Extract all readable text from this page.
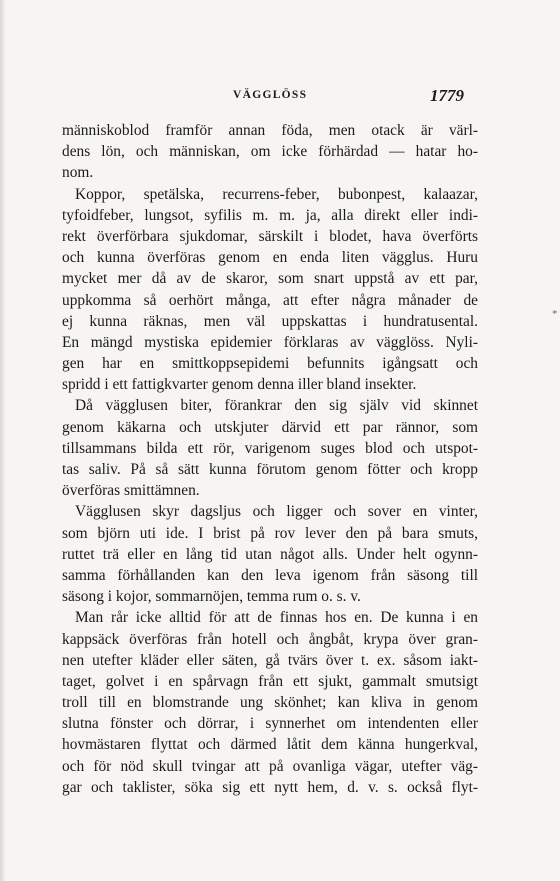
VÄGGLÖSS	1779
människoblod framför annan föda, men otack är värl-
dens lön, och människan, om icke förhärdad — hatar ho-
nom.
Koppor, spetälska, recurrens-feber, bubonpest, kalaazar,
tyfoidfeber, lungsot, syfilis m. m. ja, alla direkt eller indi-
rekt överförbara sjukdomar, särskilt i blodet, hava överförts
och kunna överföras genom en enda liten vägglus. Huru
mycket mer då av de skaror, som snart uppstå av ett par,
uppkomma så oerhört många, att efter några månader de
ej kunna räknas, men väl uppskattas i hundratusental.
En mängd mystiska epidemier förklaras av vägglöss. Nyli-
gen har en smittkoppsepidemi befunnits igångsatt och
spridd i ett fattigkvarter genom denna iller bland insekter.
Då vägglusen biter, förankrar den sig själv vid skinnet
genom käkarna och utskjuter därvid ett par rännor, som
tillsammans bilda ett rör, varigenom suges blod och utspot-
tas saliv. På så sätt kunna förutom genom fötter och kropp
överföras smittämnen.
Vägglusen skyr dagsljus och ligger och sover en vinter,
som björn uti ide. I brist på rov lever den på bara smuts,
ruttet trä eller en lång tid utan något alls. Under helt ogynn-
samma förhållanden kan den leva igenom från säsong till
säsong i kojor, sommarnöjen, temma rum o. s. v.
Man rår icke alltid för att de finnas hos en. De kunna i en
kappsäck överföras från hotell och ångbåt, krypa över gran-
nen utefter kläder eller säten, gå tvärs över t. ex. såsom iakt-
taget, golvet i en spårvagn från ett sjukt, gammalt smutsigt
troll till en blomstrande ung skönhet; kan kliva in genom
slutna fönster och dörrar, i synnerhet om intendenten eller
hovmästaren flyttat och därmed låtit dem känna hungerkval,
och för nöd skull tvingar att på ovanliga vägar, utefter väg-
gar och taklister, söka sig ett nytt hem, d. v. s. också flyt-
*
